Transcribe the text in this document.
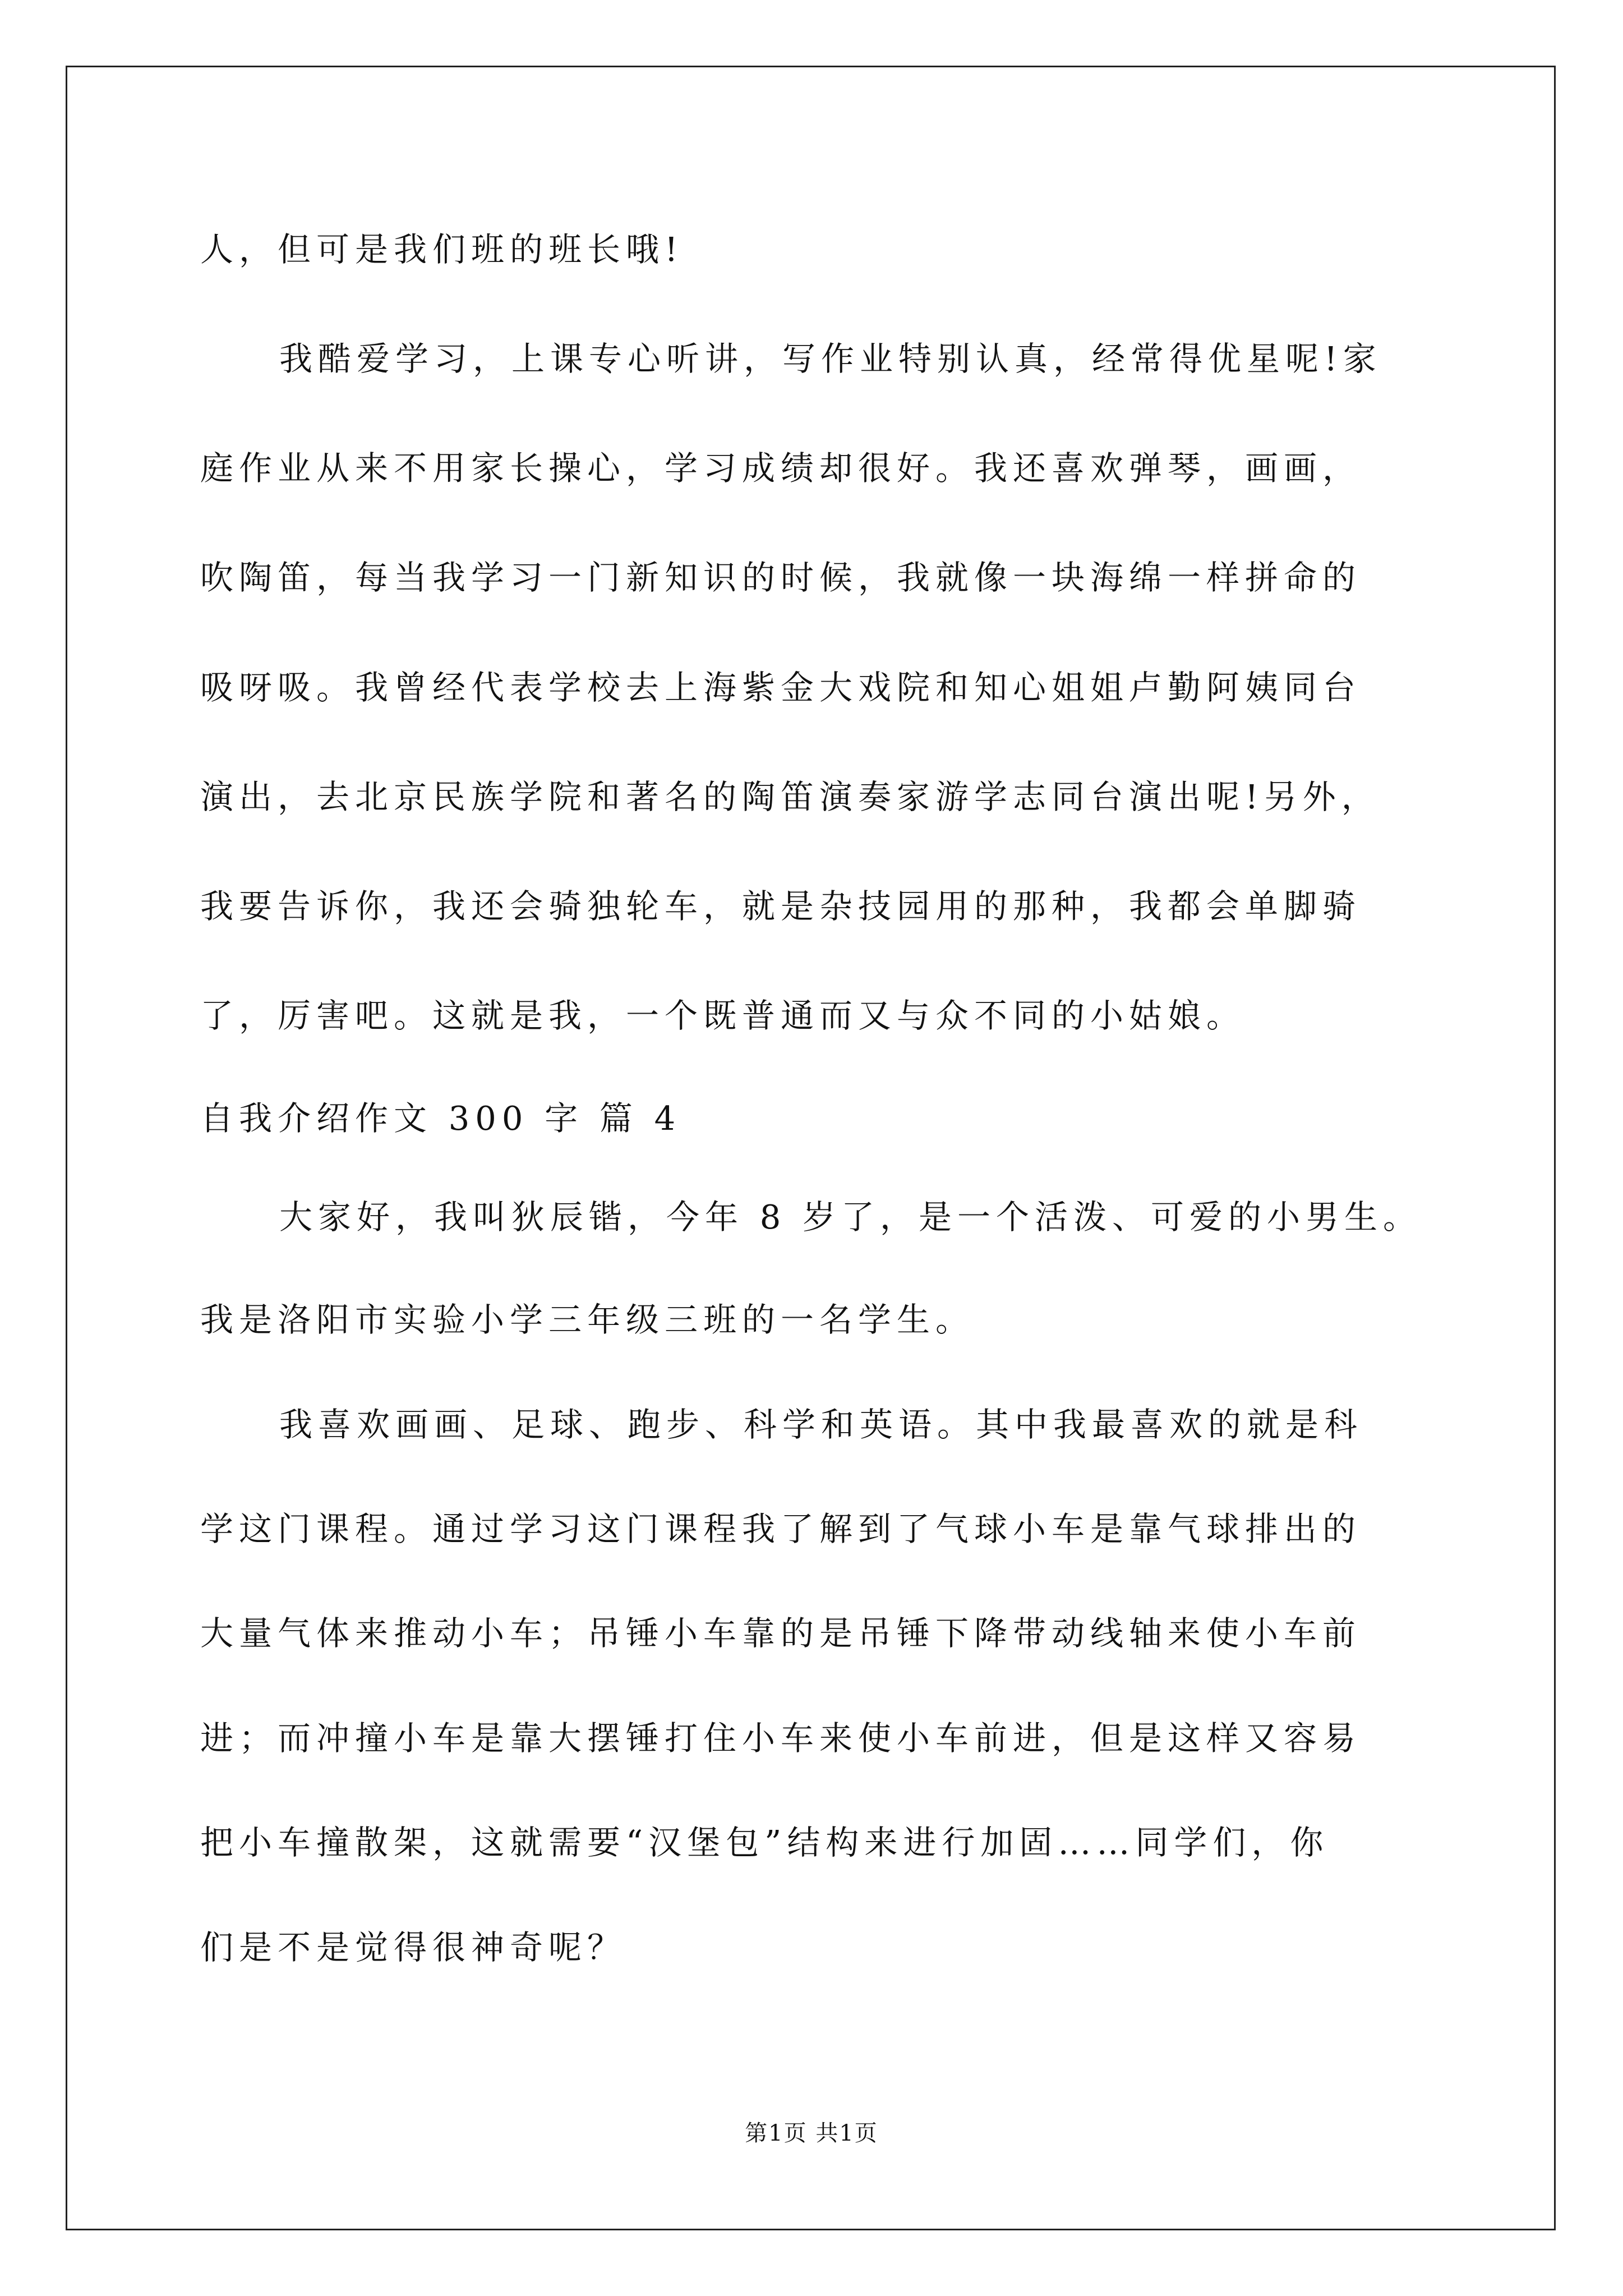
人，但可是我们班的班长哦!
我酷爱学习，上课专心听讲，写作业特别认真，经常得优星呢!家
庭作业从来不用家长操心，学习成绩却很好。我还喜欢弹琴，画画，
吹陶笛，每当我学习一门新知识的时候，我就像一块海绵一样拼命的
吸呀吸。我曾经代表学校去上海紫金大戏院和知心姐姐卢勤阿姨同台
演出，去北京民族学院和著名的陶笛演奏家游学志同台演出呢!另外，
我要告诉你，我还会骑独轮车，就是杂技园用的那种，我都会单脚骑
了，厉害吧。这就是我，一个既普通而又与众不同的小姑娘。
自我介绍作文 300 字 篇 4
大家好，我叫狄辰锴，今年 8 岁了，是一个活泼、可爱的小男生。
我是洛阳市实验小学三年级三班的一名学生。
我喜欢画画、足球、跑步、科学和英语。其中我最喜欢的就是科
学这门课程。通过学习这门课程我了解到了气球小车是靠气球排出的
大量气体来推动小车；吊锤小车靠的是吊锤下降带动线轴来使小车前
进；而冲撞小车是靠大摆锤打住小车来使小车前进，但是这样又容易
把小车撞散架，这就需要“汉堡包”结构来进行加固……同学们，你
们是不是觉得很神奇呢？
第1页 共1页
